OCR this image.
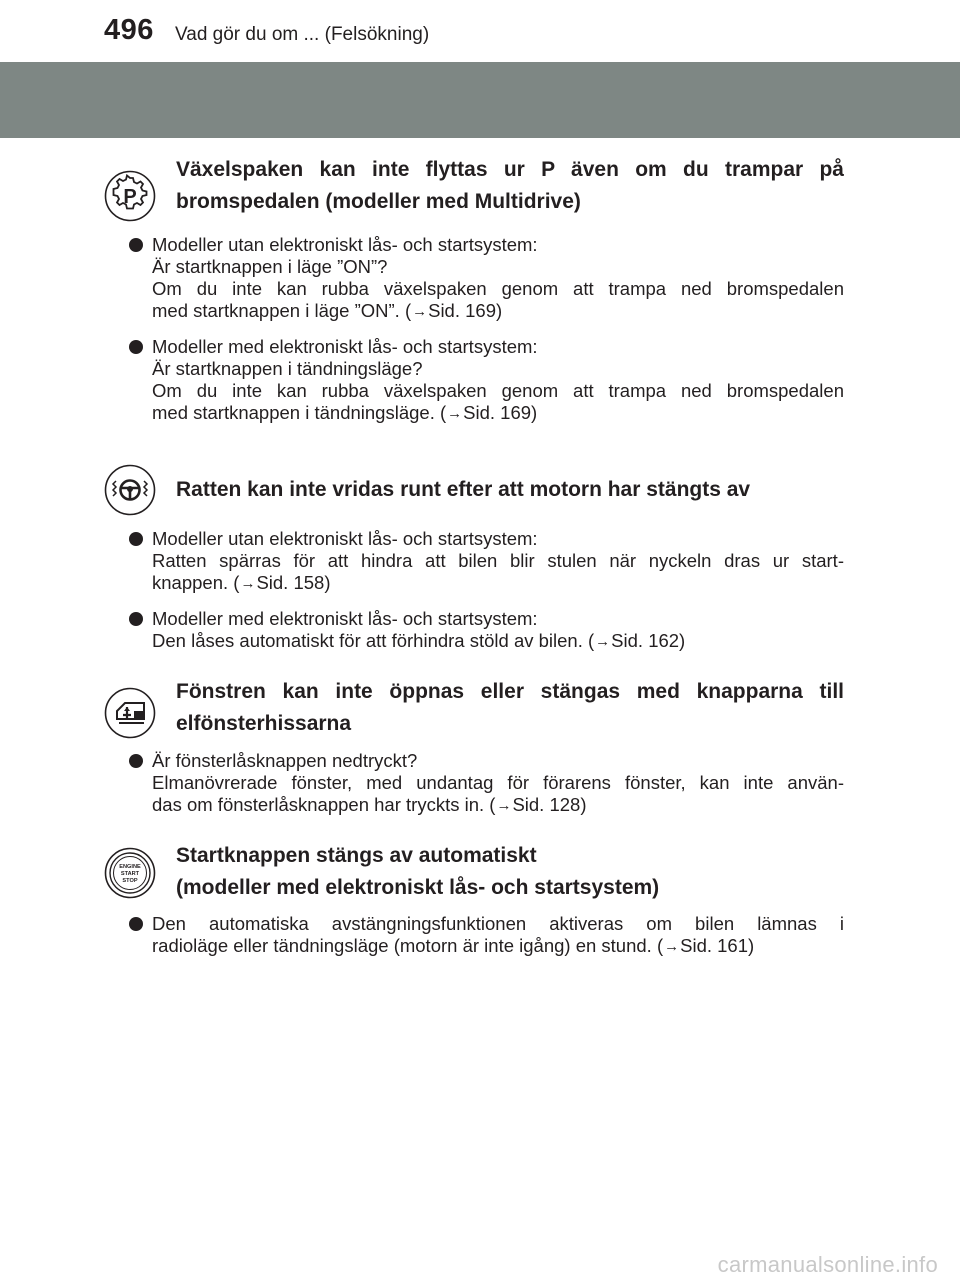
496 Vad gör du om ... (Felsökning)
P
Växelspaken kan inte flyttas ur P även om du trampar på
bromspedalen (modeller med Multidrive)
Modeller utan elektroniskt lås- och startsystem:
Är startknappen i läge ”ON”?
Om du inte kan rubba växelspaken genom att trampa ned bromspedalen
med startknappen i läge ”ON”. (→Sid. 169)
Modeller med elektroniskt lås- och startsystem:
Är startknappen i tändningsläge?
Om du inte kan rubba växelspaken genom att trampa ned bromspedalen
med startknappen i tändningsläge. (→Sid. 169)
Ratten kan inte vridas runt efter att motorn har stängts av
Modeller utan elektroniskt lås- och startsystem:
Ratten spärras för att hindra att bilen blir stulen när nyckeln dras ur start-
knappen. (→Sid. 158)
Modeller med elektroniskt lås- och startsystem:
Den låses automatiskt för att förhindra stöld av bilen. (→Sid. 162)
Fönstren kan inte öppnas eller stängas med knapparna till
elfönsterhissarna
Är fönsterlåsknappen nedtryckt?
Elmanövrerade fönster, med undantag för förarens fönster, kan inte använ-
das om fönsterlåsknappen har tryckts in. (→Sid. 128)
ENGINE
START
STOP
Startknappen stängs av automatiskt
(modeller med elektroniskt lås- och startsystem)
Den automatiska avstängningsfunktionen aktiveras om bilen lämnas i
radioläge eller tändningsläge (motorn är inte igång) en stund. (→Sid. 161)
carmanualsonline.info
